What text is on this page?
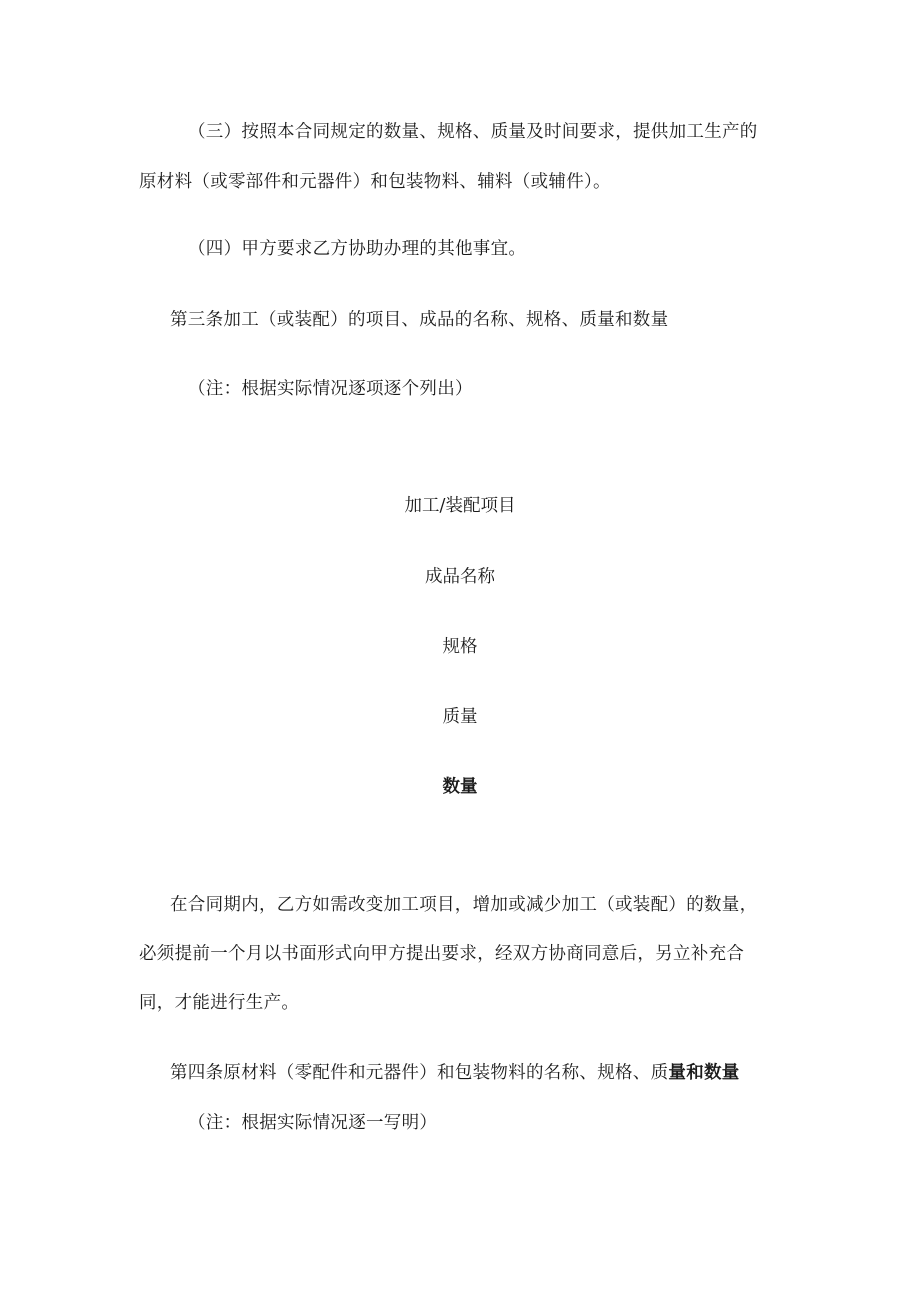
（三）按照本合同规定的数量、规格、质量及时间要求，提供加工生产的
原材料（或零部件和元器件）和包装物料、辅料（或辅件）。
（四）甲方要求乙方协助办理的其他事宜。
第三条加工（或装配）的项目、成品的名称、规格、质量和数量
（注：根据实际情况逐项逐个列出）
加工/装配项目
成品名称
规格
质量
数量
在合同期内，乙方如需改变加工项目，增加或减少加工（或装配）的数量，
必须提前一个月以书面形式向甲方提出要求，经双方协商同意后，另立补充合
同，才能进行生产。
第四条原材料（零配件和元器件）和包装物料的名称、规格、质量和数量
（注：根据实际情况逐一写明）
